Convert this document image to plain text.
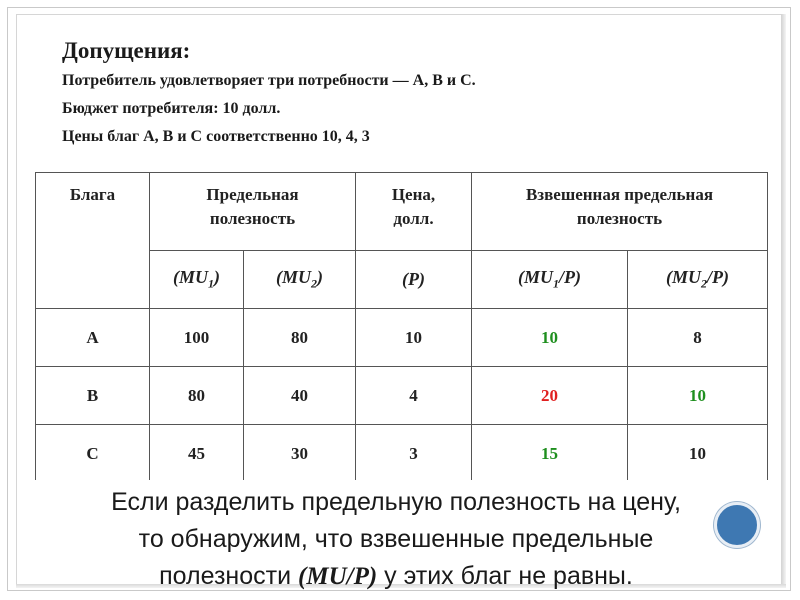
Допущения:
Потребитель удовлетворяет три потребности — А, В и С.
Бюджет потребителя: 10 долл.
Цены благ А, В и С соответственно 10, 4, 3
Блага	Предельная полезность		Цена, долл.	Взвешенная предельная полезность	
	$(MU_1)$	$(MU_2)$	(P)	$(MU_1/P)$	$(MU_2/P)$
A	100	80	10	10	8
B	80	40	4	20	10
C	45	30	3	15	10
Если разделить предельную полезность на цену,
то обнаружим, что взвешенные предельные
полезности (MU/P) у этих благ не равны.
